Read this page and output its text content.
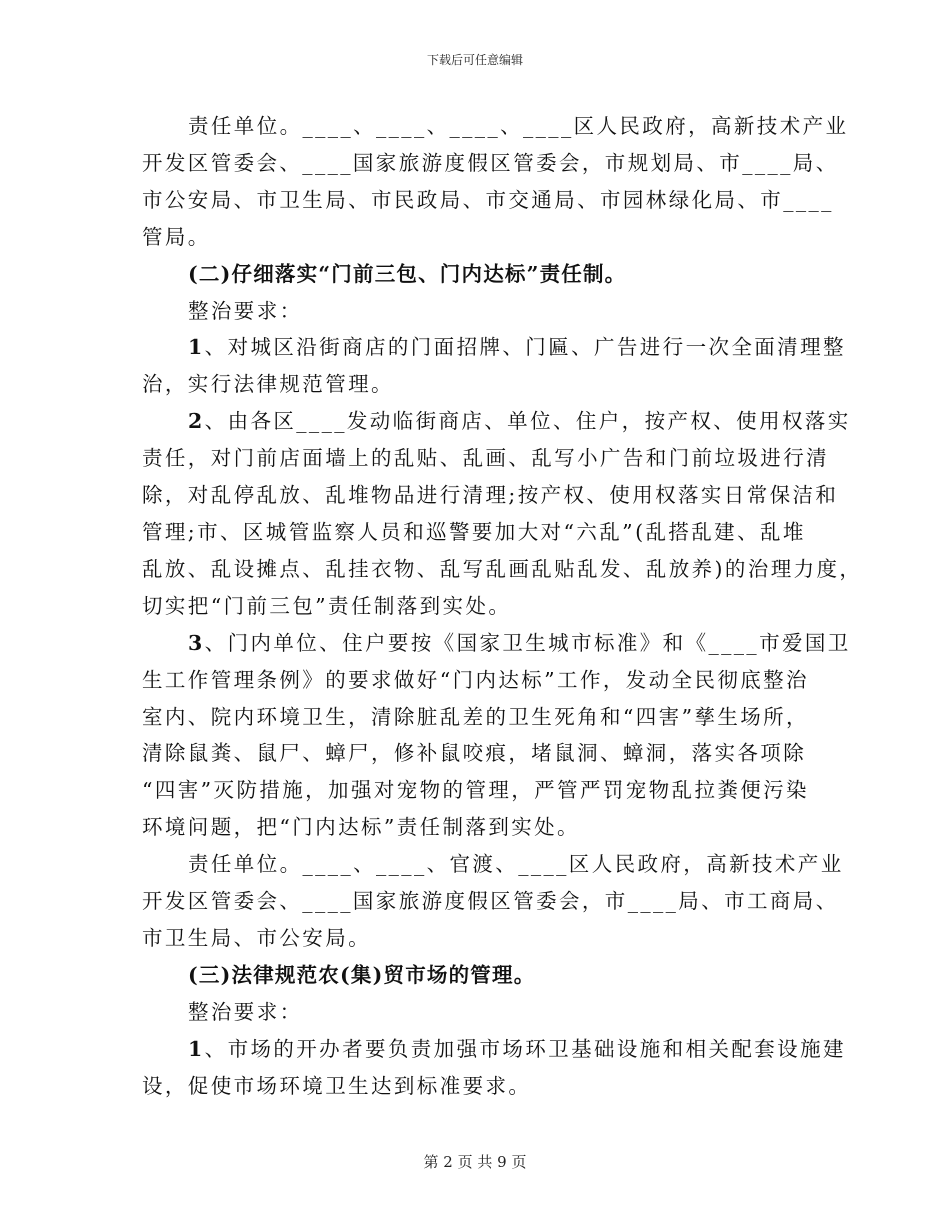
下载后可任意编辑

责任单位。____、____、____、____区人民政府，高新技术产业
开发区管委会、____国家旅游度假区管委会，市规划局、市____局、
市公安局、市卫生局、市民政局、市交通局、市园林绿化局、市____
管局。

(二)仔细落实“门前三包、门内达标”责任制。

整治要求：

1、对城区沿街商店的门面招牌、门匾、广告进行一次全面清理整
治，实行法律规范管理。

2、由各区____发动临街商店、单位、住户，按产权、使用权落实
责任，对门前店面墙上的乱贴、乱画、乱写小广告和门前垃圾进行清
除，对乱停乱放、乱堆物品进行清理;按产权、使用权落实日常保洁和
管理;市、区城管监察人员和巡警要加大对“六乱”(乱搭乱建、乱堆
乱放、乱设摊点、乱挂衣物、乱写乱画乱贴乱发、乱放养)的治理力度，
切实把“门前三包”责任制落到实处。

3、门内单位、住户要按《国家卫生城市标准》和《____市爱国卫
生工作管理条例》的要求做好“门内达标”工作，发动全民彻底整治
室内、院内环境卫生，清除脏乱差的卫生死角和“四害”孳生场所，
清除鼠粪、鼠尸、蟑尸，修补鼠咬痕，堵鼠洞、蟑洞，落实各项除
“四害”灭防措施，加强对宠物的管理，严管严罚宠物乱拉粪便污染
环境问题，把“门内达标”责任制落到实处。

责任单位。____、____、官渡、____区人民政府，高新技术产业
开发区管委会、____国家旅游度假区管委会，市____局、市工商局、
市卫生局、市公安局。

(三)法律规范农(集)贸市场的管理。

整治要求：

1、市场的开办者要负责加强市场环卫基础设施和相关配套设施建
设，促使市场环境卫生达到标准要求。

第 2 页 共 9 页
